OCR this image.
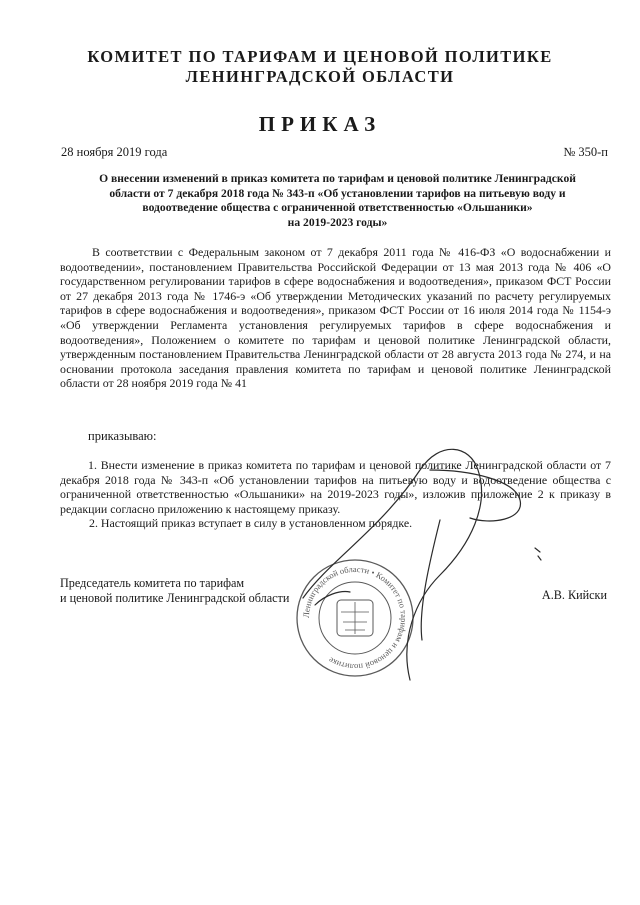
КОМИТЕТ ПО ТАРИФАМ И ЦЕНОВОЙ ПОЛИТИКЕ
ЛЕНИНГРАДСКОЙ ОБЛАСТИ
ПРИКАЗ
28 ноября 2019 года	№ 350-п
О внесении изменений в приказ комитета по тарифам и ценовой политике Ленинградской
области от 7 декабря 2018 года № 343-п «Об установлении тарифов на питьевую воду и
водоотведение общества с ограниченной ответственностью «Ольшаники»
на 2019-2023 годы»
В соответствии с Федеральным законом от 7 декабря 2011 года № 416-ФЗ «О водоснабжении и водоотведении», постановлением Правительства Российской Федерации от 13 мая 2013 года № 406 «О государственном регулировании тарифов в сфере водоснабжения и водоотведения», приказом ФСТ России от 27 декабря 2013 года № 1746-э «Об утверждении Методических указаний по расчету регулируемых тарифов в сфере водоснабжения и водоотведения», приказом ФСТ России от 16 июля 2014 года № 1154-э «Об утверждении Регламента установления регулируемых тарифов в сфере водоснабжения и водоотведения», Положением о комитете по тарифам и ценовой политике Ленинградской области, утвержденным постановлением Правительства Ленинградской области от 28 августа 2013 года № 274, и на основании протокола заседания правления комитета по тарифам и ценовой политике Ленинградской области от 28 ноября 2019 года № 41
приказываю:
1. Внести изменение в приказ комитета по тарифам и ценовой политике Ленинградской области от 7 декабря 2018 года № 343-п «Об установлении тарифов на питьевую воду и водоотведение общества с ограниченной ответственностью «Ольшаники» на 2019-2023 годы», изложив приложение 2 к приказу в редакции согласно приложению к настоящему приказу.
2. Настоящий приказ вступает в силу в установленном порядке.
Председатель комитета по тарифам
и ценовой политике Ленинградской области	А.В. Кийски
Ленинградской области • Комитет по тарифам и ценовой политике
